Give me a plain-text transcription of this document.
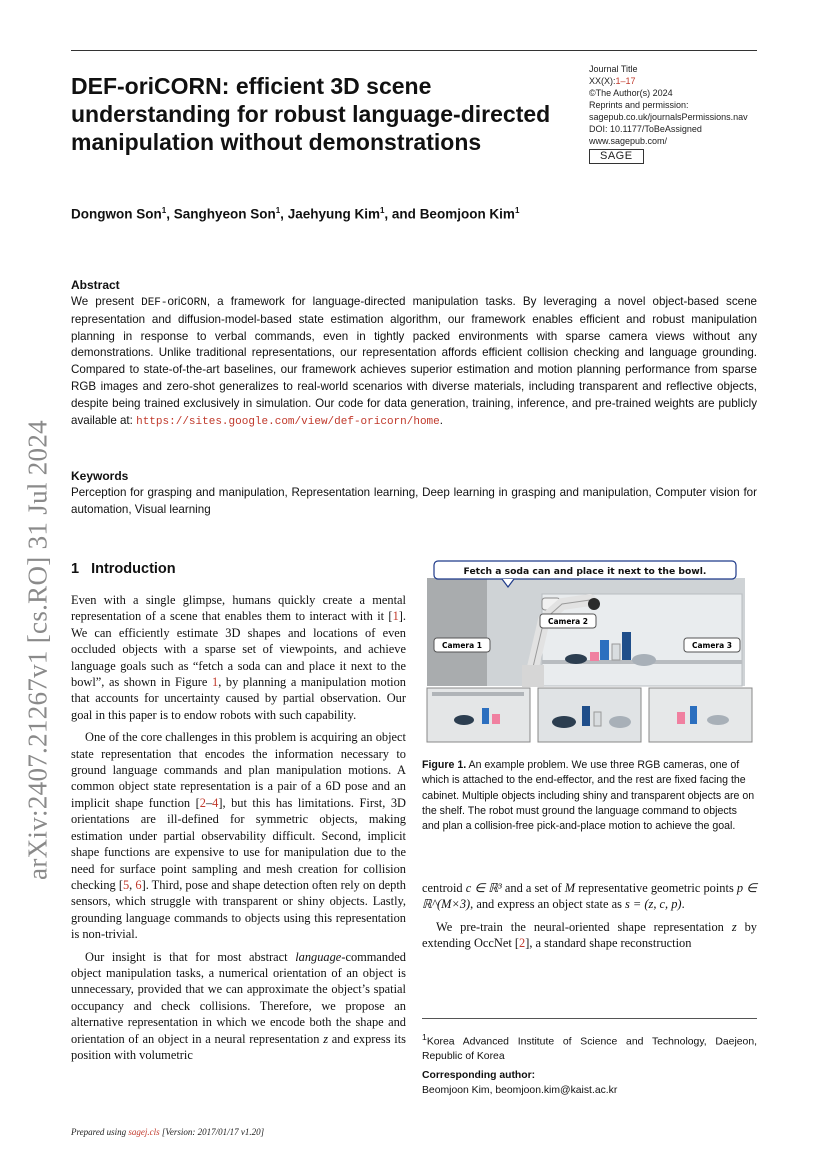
arXiv:2407.21267v1 [cs.RO] 31 Jul 2024
DEF-oriCORN: efficient 3D scene understanding for robust language-directed manipulation without demonstrations
Journal Title
XX(X):1–17
©The Author(s) 2024
Reprints and permission:
sagepub.co.uk/journalsPermissions.nav
DOI: 10.1177/ToBeAssigned
www.sagepub.com/
SAGE
Dongwon Son$^1$, Sanghyeon Son$^1$, Jaehyung Kim$^1$, and Beomjoon Kim$^1$
Abstract

We present DEF-oriCORN, a framework for language-directed manipulation tasks. By leveraging a novel object-based scene representation and diffusion-model-based state estimation algorithm, our framework enables efficient and robust manipulation planning in response to verbal commands, even in tightly packed environments with sparse camera views without any demonstrations. Unlike traditional representations, our representation affords efficient collision checking and language grounding. Compared to state-of-the-art baselines, our framework achieves superior estimation and motion planning performance from sparse RGB images and zero-shot generalizes to real-world scenarios with diverse materials, including transparent and reflective objects, despite being trained exclusively in simulation. Our code for data generation, training, inference, and pre-trained weights are publicly available at: https://sites.google.com/view/def-oricorn/home.

Keywords

Perception for grasping and manipulation, Representation learning, Deep learning in grasping and manipulation, Computer vision for automation, Visual learning

1 Introduction

Even with a single glimpse, humans quickly create a mental representation of a scene that enables them to interact with it [1]. We can efficiently estimate 3D shapes and locations of even occluded objects with a sparse set of viewpoints, and achieve language goals such as “fetch a soda can and place it next to the bowl”, as shown in Figure 1, by planning a manipulation motion that accounts for uncertainty caused by partial observation. Our goal in this paper is to endow robots with such capability.

One of the core challenges in this problem is acquiring an object state representation that encodes the information necessary to ground language commands and plan manipulation motions. A common object state representation is a pair of a 6D pose and an implicit shape function [2–4], but this has limitations. First, 3D orientations are ill-defined for symmetric objects, making estimation under partial observability difficult. Second, implicit shape functions are expensive to use for manipulation due to the need for surface point sampling and mesh creation for collision checking [5, 6]. Third, pose and shape detection often rely on depth sensors, which struggle with transparent or shiny objects. Lastly, grounding language commands to objects using this representation is non-trivial.

Our insight is that for most abstract language-commanded object manipulation tasks, a numerical orientation of an object is unnecessary, provided that we can approximate the object’s spatial occupancy and check collisions. Therefore, we propose an alternative representation in which we encode both the shape and orientation of an object in a neural representation z and express its position with volumetric

Fetch a soda can and place it next to the bowl.
Camera 1
Camera 2
Camera 3

Figure 1. An example problem. We use three RGB cameras, one of which is attached to the end-effector, and the rest are fixed facing the cabinet. Multiple objects including shiny and transparent objects are on the shelf. The robot must ground the language command to objects and plan a collision-free pick-and-place motion to achieve the goal.

centroid c ∈ ℝ³ and a set of M representative geometric points p ∈ ℝ^(M×3), and express an object state as s = (z, c, p).

We pre-train the neural-oriented shape representation z by extending OccNet [2], a standard shape reconstruction

$^1$Korea Advanced Institute of Science and Technology, Daejeon, Republic of Korea

Corresponding author:
Beomjoon Kim, beomjoon.kim@kaist.ac.kr
Prepared using sagej.cls [Version: 2017/01/17 v1.20]
